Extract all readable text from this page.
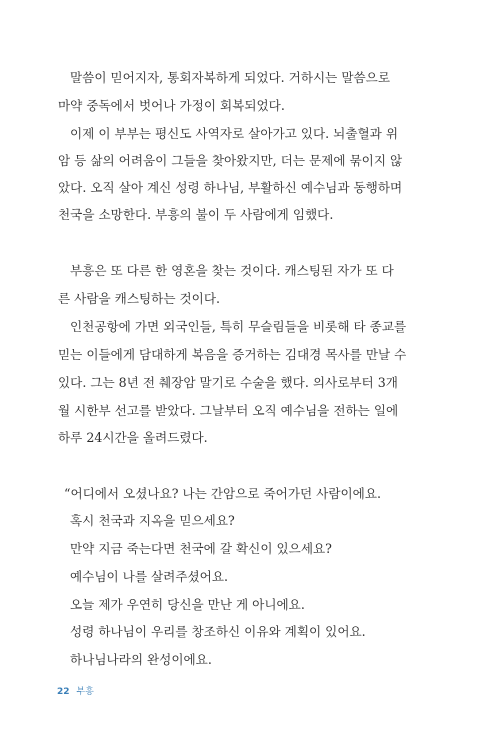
말씀이 믿어지자, 통회자복하게 되었다. 거하시는 말씀으로
마약 중독에서 벗어나 가정이 회복되었다.
이제 이 부부는 평신도 사역자로 살아가고 있다. 뇌출혈과 위
암 등 삶의 어려움이 그들을 찾아왔지만, 더는 문제에 묶이지 않
았다. 오직 살아 계신 성령 하나님, 부활하신 예수님과 동행하며
천국을 소망한다. 부흥의 불이 두 사람에게 임했다.
부흥은 또 다른 한 영혼을 찾는 것이다. 캐스팅된 자가 또 다
른 사람을 캐스팅하는 것이다.
인천공항에 가면 외국인들, 특히 무슬림들을 비롯해 타 종교를
믿는 이들에게 담대하게 복음을 증거하는 김대경 목사를 만날 수
있다. 그는 8년 전 췌장암 말기로 수술을 했다. 의사로부터 3개
월 시한부 선고를 받았다. 그날부터 오직 예수님을 전하는 일에
하루 24시간을 올려드렸다.
“어디에서 오셨나요? 나는 간암으로 죽어가던 사람이에요.
혹시 천국과 지옥을 믿으세요?
만약 지금 죽는다면 천국에 갈 확신이 있으세요?
예수님이 나를 살려주셨어요.
오늘 제가 우연히 당신을 만난 게 아니에요.
성령 하나님이 우리를 창조하신 이유와 계획이 있어요.
하나님나라의 완성이에요.
22 부흥
